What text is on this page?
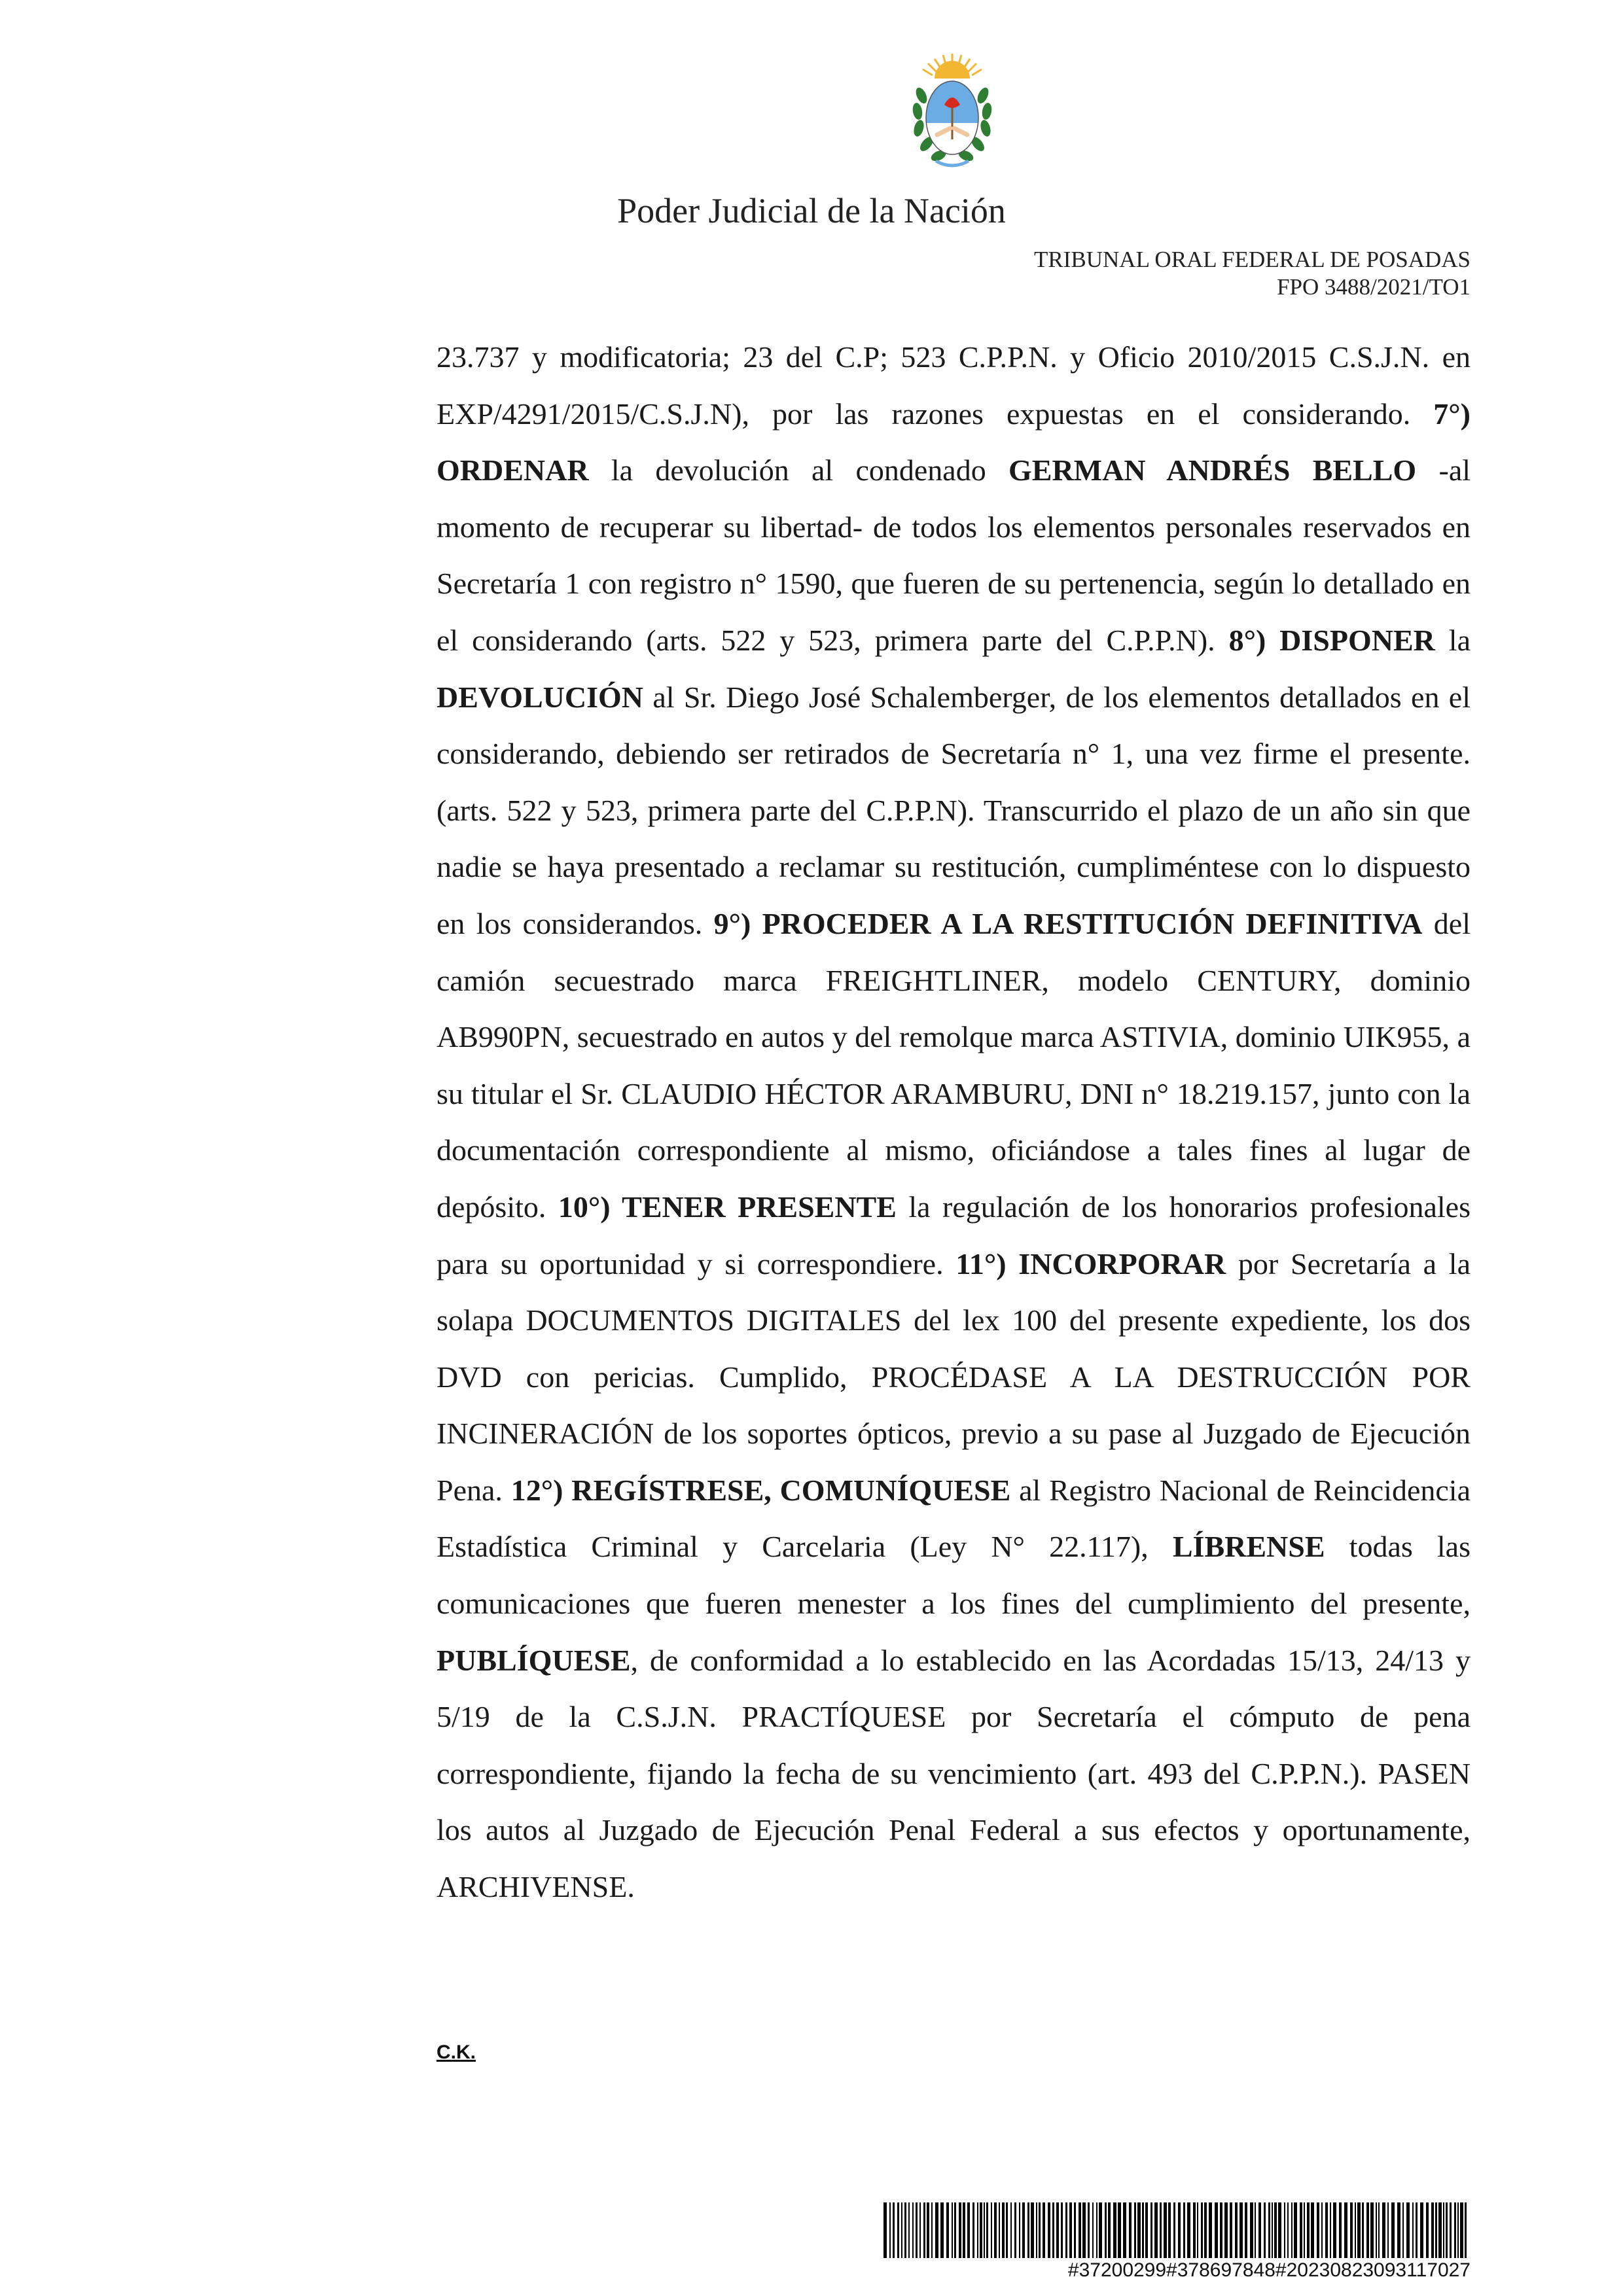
Poder Judicial de la Nación
TRIBUNAL ORAL FEDERAL DE POSADAS
FPO 3488/2021/TO1
23.737 y modificatoria; 23 del C.P; 523 C.P.P.N. y Oficio 2010/2015 C.S.J.N. en EXP/4291/2015/C.S.J.N), por las razones expuestas en el considerando. 7°) ORDENAR la devolución al condenado GERMAN ANDRÉS BELLO -al momento de recuperar su libertad- de todos los elementos personales reservados en Secretaría 1 con registro n° 1590, que fueren de su pertenencia, según lo detallado en el considerando (arts. 522 y 523, primera parte del C.P.P.N). 8°) DISPONER la DEVOLUCIÓN al Sr. Diego José Schalemberger, de los elementos detallados en el considerando, debiendo ser retirados de Secretaría n° 1, una vez firme el presente. (arts. 522 y 523, primera parte del C.P.P.N). Transcurrido el plazo de un año sin que nadie se haya presentado a reclamar su restitución, cumpliméntese con lo dispuesto en los considerandos. 9°) PROCEDER A LA RESTITUCIÓN DEFINITIVA del camión secuestrado marca FREIGHTLINER, modelo CENTURY, dominio AB990PN, secuestrado en autos y del remolque marca ASTIVIA, dominio UIK955, a su titular el Sr. CLAUDIO HÉCTOR ARAMBURU, DNI n° 18.219.157, junto con la documentación correspondiente al mismo, oficiándose a tales fines al lugar de depósito. 10°) TENER PRESENTE la regulación de los honorarios profesionales para su oportunidad y si correspondiere. 11°) INCORPORAR por Secretaría a la solapa DOCUMENTOS DIGITALES del lex 100 del presente expediente, los dos DVD con pericias. Cumplido, PROCÉDASE A LA DESTRUCCIÓN POR INCINERACIÓN de los soportes ópticos, previo a su pase al Juzgado de Ejecución Pena. 12°) REGÍSTRESE, COMUNÍQUESE al Registro Nacional de Reincidencia Estadística Criminal y Carcelaria (Ley N° 22.117), LÍBRENSE todas las comunicaciones que fueren menester a los fines del cumplimiento del presente, PUBLÍQUESE, de conformidad a lo establecido en las Acordadas 15/13, 24/13 y 5/19 de la C.S.J.N. PRACTÍQUESE por Secretaría el cómputo de pena correspondiente, fijando la fecha de su vencimiento (art. 493 del C.P.P.N.). PASEN los autos al Juzgado de Ejecución Penal Federal a sus efectos y oportunamente, ARCHIVENSE.
C.K.
#37200299#378697848#20230823093117027
